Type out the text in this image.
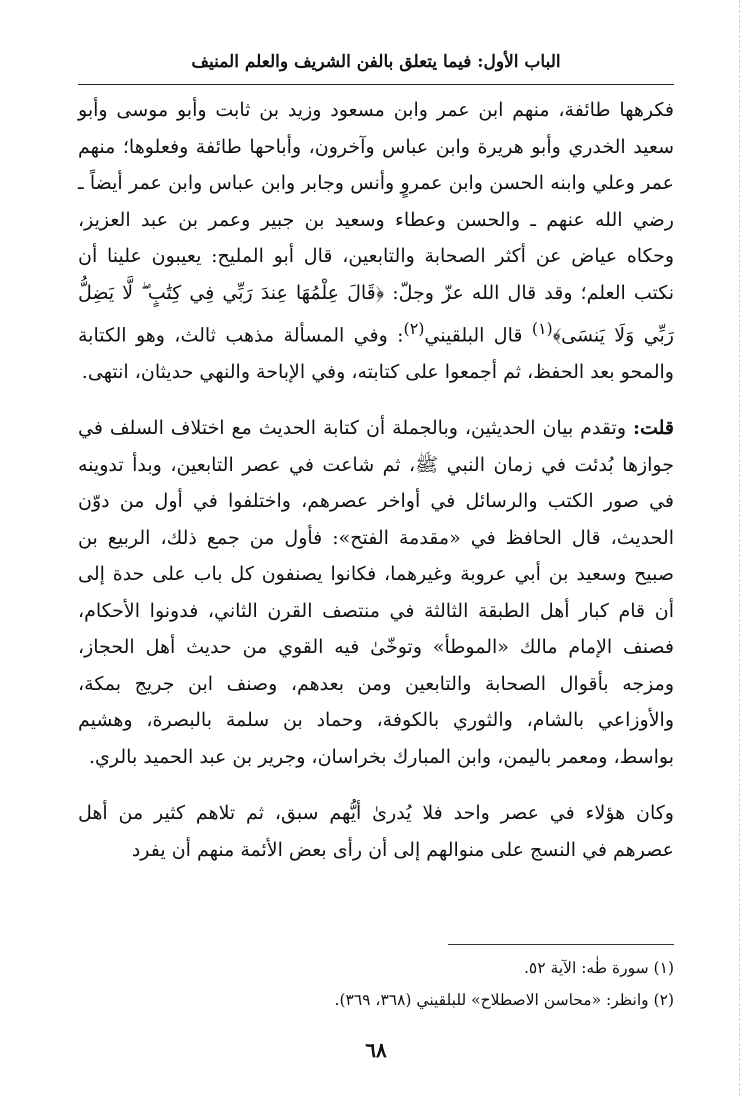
الباب الأول: فيما يتعلق بالفن الشريف والعلم المنيف

فكرهها طائفة، منهم ابن عمر وابن مسعود وزيد بن ثابت وأبو موسى وأبو سعيد الخدري وأبو هريرة وابن عباس وآخرون، وأباحها طائفة وفعلوها؛ منهم عمر وعلي وابنه الحسن وابن عمروٍ وأنس وجابر وابن عباس وابن عمر أيضاً ـ رضي الله عنهم ـ والحسن وعطاء وسعيد بن جبير وعمر بن عبد العزيز، وحكاه عياض عن أكثر الصحابة والتابعين، قال أبو المليح: يعيبون علينا أن نكتب العلم؛ وقد قال الله عزّ وجلّ: ﴿قَالَ عِلْمُهَا عِندَ رَبِّي فِي كِتَٰبٍ ۖ لَّا يَضِلُّ رَبِّي وَلَا يَنسَى﴾$^{(١)}$ قال البلقيني$^{(٢)}$: وفي المسألة مذهب ثالث، وهو الكتابة والمحو بعد الحفظ، ثم أجمعوا على كتابته، وفي الإباحة والنهي حديثان، انتهى.

قلت: وتقدم بيان الحديثين، وبالجملة أن كتابة الحديث مع اختلاف السلف في جوازها بُدئت في زمان النبي ﷺ، ثم شاعت في عصر التابعين، وبدأ تدوينه في صور الكتب والرسائل في أواخر عصرهم، واختلفوا في أول من دوّن الحديث، قال الحافظ في «مقدمة الفتح»: فأول من جمع ذلك، الربيع بن صبيح وسعيد بن أبي عروبة وغيرهما، فكانوا يصنفون كل باب على حدة إلى أن قام كبار أهل الطبقة الثالثة في منتصف القرن الثاني، فدونوا الأحكام، فصنف الإمام مالك «الموطأ» وتوخّىٰ فيه القوي من حديث أهل الحجاز، ومزجه بأقوال الصحابة والتابعين ومن بعدهم، وصنف ابن جريج بمكة، والأوزاعي بالشام، والثوري بالكوفة، وحماد بن سلمة بالبصرة، وهشيم بواسط، ومعمر باليمن، وابن المبارك بخراسان، وجرير بن عبد الحميد بالري.

وكان هؤلاء في عصر واحد فلا يُدرىٰ أيُّهم سبق، ثم تلاهم كثير من أهل عصرهم في النسج على منوالهم إلى أن رأى بعض الأئمة منهم أن يفرد

(١) سورة طٰه: الآية ٥٢.

(٢) وانظر: «محاسن الاصطلاح» للبلقيني (٣٦٨، ٣٦٩).

٦٨
